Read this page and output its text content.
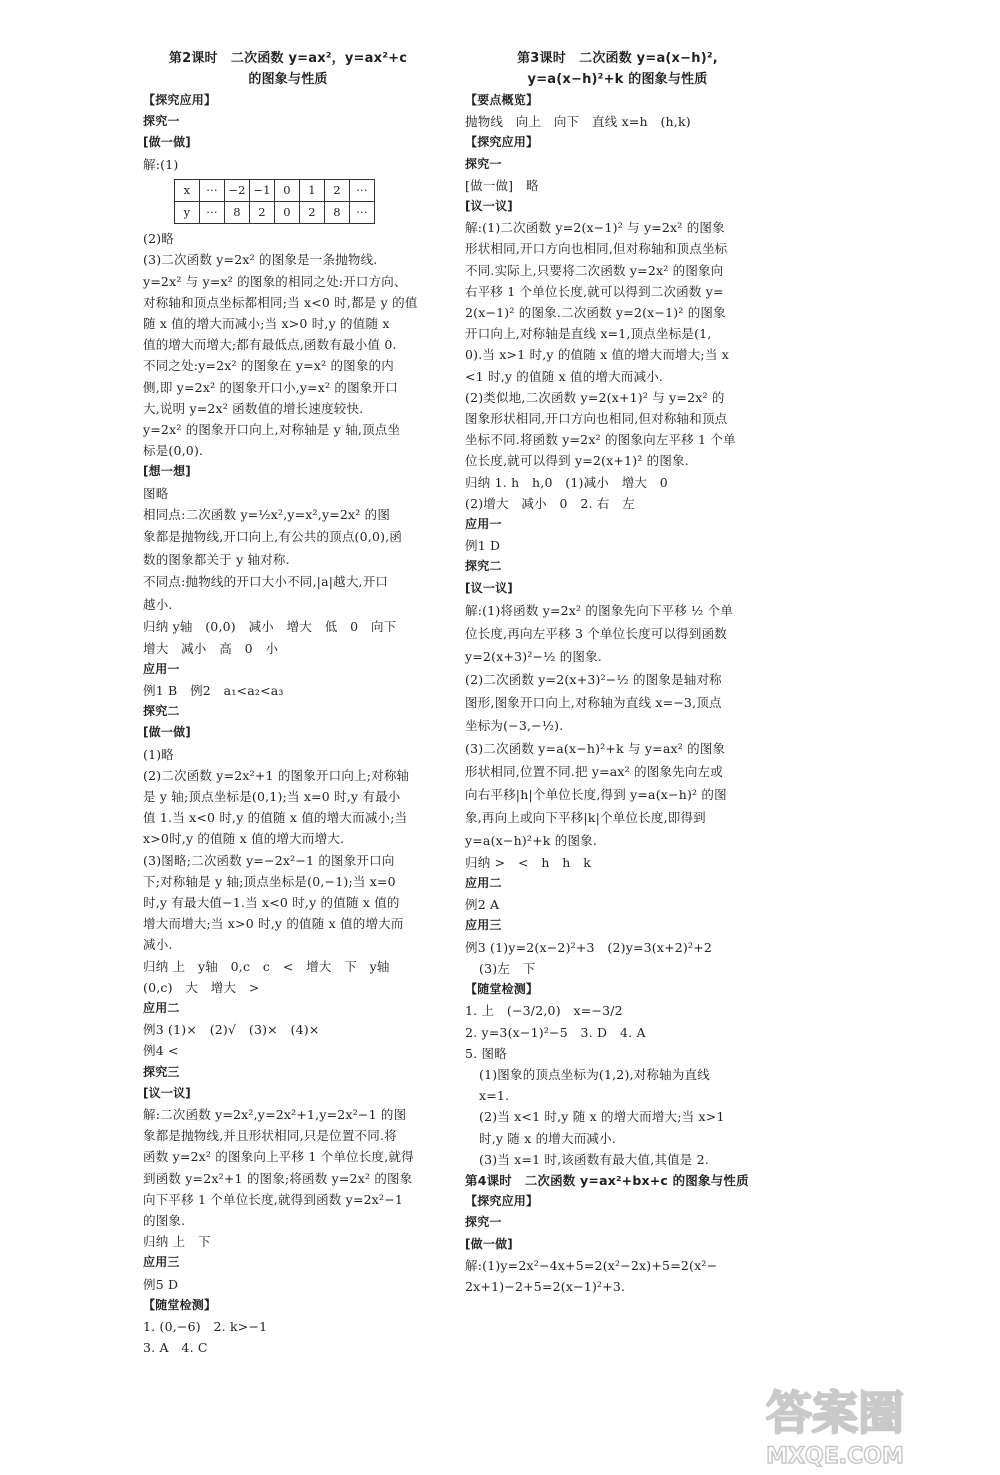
第2课时　二次函数 y=ax²，y=ax²+c
的图象与性质
【探究应用】
探究一
[做一做]
解:(1)
x	···	−2	−1	0	1	2	···
y	···	8	2	0	2	8	···
(2)略
(3)二次函数 y=2x² 的图象是一条抛物线.
y=2x² 与 y=x² 的图象的相同之处:开口方向、
对称轴和顶点坐标都相同;当 x<0 时,都是 y 的值
随 x 值的增大而减小;当 x>0 时,y 的值随 x
值的增大而增大;都有最低点,函数有最小值 0.
不同之处:y=2x² 的图象在 y=x² 的图象的内
侧,即 y=2x² 的图象开口小,y=x² 的图象开口
大,说明 y=2x² 函数值的增长速度较快.
y=2x² 的图象开口向上,对称轴是 y 轴,顶点坐
标是(0,0).
[想一想]
图略
相同点:二次函数 y=½x²,y=x²,y=2x² 的图
象都是抛物线,开口向上,有公共的顶点(0,0),函
数的图象都关于 y 轴对称.
不同点:抛物线的开口大小不同,|a|越大,开口
越小.
归纳 y轴　(0,0)　减小　增大　低　0　向下
增大　减小　高　0　小
应用一
例1 B　例2　a₁<a₂<a₃
探究二
[做一做]
(1)略
(2)二次函数 y=2x²+1 的图象开口向上;对称轴
是 y 轴;顶点坐标是(0,1);当 x=0 时,y 有最小
值 1.当 x<0 时,y 的值随 x 值的增大而减小;当
x>0时,y 的值随 x 值的增大而增大.
(3)图略;二次函数 y=−2x²−1 的图象开口向
下;对称轴是 y 轴;顶点坐标是(0,−1);当 x=0
时,y 有最大值−1.当 x<0 时,y 的值随 x 值的
增大而增大;当 x>0 时,y 的值随 x 值的增大而
减小.
归纳 上　y轴　0,c　c　<　增大　下　y轴
(0,c)　大　增大　>
应用二
例3 (1)×　(2)√　(3)×　(4)×
例4 <
探究三
[议一议]
解:二次函数 y=2x²,y=2x²+1,y=2x²−1 的图
象都是抛物线,并且形状相同,只是位置不同.将
函数 y=2x² 的图象向上平移 1 个单位长度,就得
到函数 y=2x²+1 的图象;将函数 y=2x² 的图象
向下平移 1 个单位长度,就得到函数 y=2x²−1
的图象.
归纳 上　下
应用三
例5 D
【随堂检测】
1. (0,−6)　2. k>−1
3. A　4. C
第3课时　二次函数 y=a(x−h)²,
y=a(x−h)²+k 的图象与性质
【要点概览】
抛物线　向上　向下　直线 x=h　(h,k)
【探究应用】
探究一
[做一做]　略
[议一议]
解:(1)二次函数 y=2(x−1)² 与 y=2x² 的图象
形状相同,开口方向也相同,但对称轴和顶点坐标
不同.实际上,只要将二次函数 y=2x² 的图象向
右平移 1 个单位长度,就可以得到二次函数 y=
2(x−1)² 的图象.二次函数 y=2(x−1)² 的图象
开口向上,对称轴是直线 x=1,顶点坐标是(1,
0).当 x>1 时,y 的值随 x 值的增大而增大;当 x
<1 时,y 的值随 x 值的增大而减小.
(2)类似地,二次函数 y=2(x+1)² 与 y=2x² 的
图象形状相同,开口方向也相同,但对称轴和顶点
坐标不同.将函数 y=2x² 的图象向左平移 1 个单
位长度,就可以得到 y=2(x+1)² 的图象.
归纳 1. h　h,0　(1)减小　增大　0
(2)增大　减小　0　2. 右　左
应用一
例1 D
探究二
[议一议]
解:(1)将函数 y=2x² 的图象先向下平移 ½ 个单
位长度,再向左平移 3 个单位长度可以得到函数
y=2(x+3)²−½ 的图象.
(2)二次函数 y=2(x+3)²−½ 的图象是轴对称
图形,图象开口向上,对称轴为直线 x=−3,顶点
坐标为(−3,−½).
(3)二次函数 y=a(x−h)²+k 与 y=ax² 的图象
形状相同,位置不同.把 y=ax² 的图象先向左或
向右平移|h|个单位长度,得到 y=a(x−h)² 的图
象,再向上或向下平移|k|个单位长度,即得到
y=a(x−h)²+k 的图象.
归纳 >　<　h　h　k
应用二
例2 A
应用三
例3 (1)y=2(x−2)²+3　(2)y=3(x+2)²+2
(3)左　下
【随堂检测】
1. 上　(−3/2,0)　x=−3/2
2. y=3(x−1)²−5　3. D　4. A
5. 图略
(1)图象的顶点坐标为(1,2),对称轴为直线
x=1.
(2)当 x<1 时,y 随 x 的增大而增大;当 x>1
时,y 随 x 的增大而减小.
(3)当 x=1 时,该函数有最大值,其值是 2.
第4课时　二次函数 y=ax²+bx+c 的图象与性质
【探究应用】
探究一
[做一做]
解:(1)y=2x²−4x+5=2(x²−2x)+5=2(x²−
2x+1)−2+5=2(x−1)²+3.
答案圈
MXQE.COM
